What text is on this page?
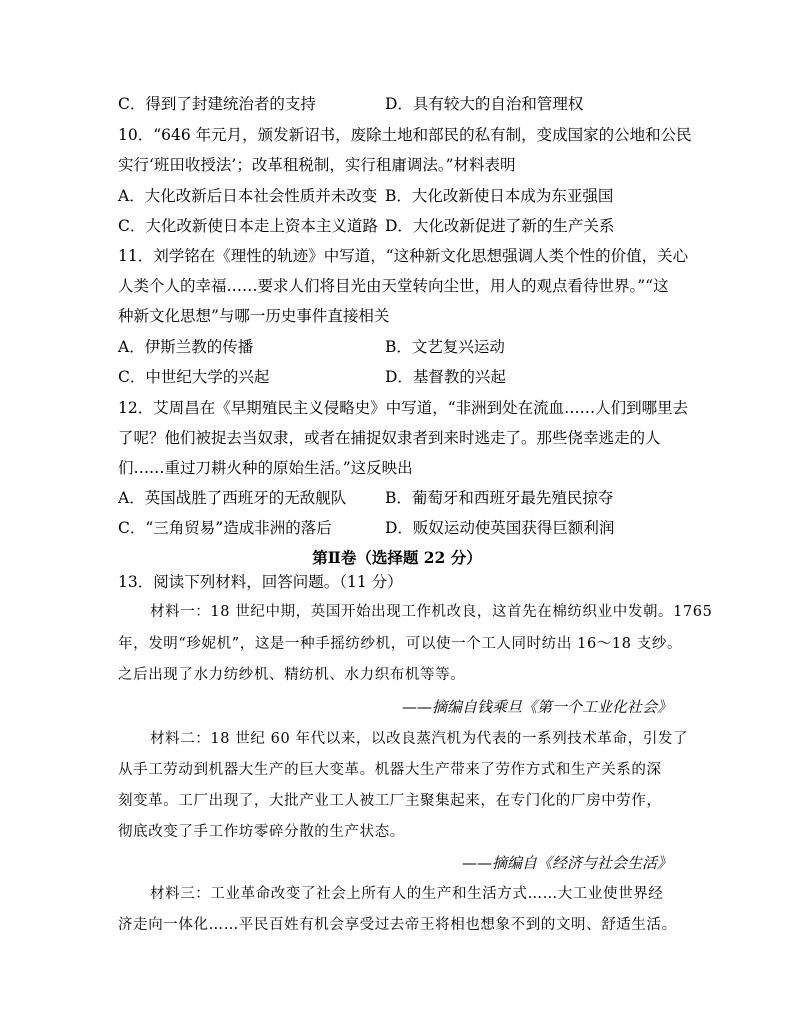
C．得到了封建统治者的支持	D．具有较大的自治和管理权
10．“646 年元月，颁发新诏书，废除土地和部民的私有制，变成国家的公地和公民
实行‘班田收授法’；改革租税制，实行租庸调法。”材料表明
A．大化改新后日本社会性质并未改变 B．大化改新使日本成为东亚强国
C．大化改新使日本走上资本主义道路 D．大化改新促进了新的生产关系
11．刘学铭在《理性的轨迹》中写道，“这种新文化思想强调人类个性的价值，关心
人类个人的幸福……要求人们将目光由天堂转向尘世，用人的观点看待世界。”“这
种新文化思想”与哪一历史事件直接相关
A．伊斯兰教的传播	B．文艺复兴运动
C．中世纪大学的兴起	D．基督教的兴起
12．艾周昌在《早期殖民主义侵略史》中写道，“非洲到处在流血……人们到哪里去
了呢？他们被捉去当奴隶，或者在捕捉奴隶者到来时逃走了。那些侥幸逃走的人
们……重过刀耕火种的原始生活。”这反映出
A．英国战胜了西班牙的无敌舰队	B．葡萄牙和西班牙最先殖民掠夺
C．“三角贸易”造成非洲的落后	D．贩奴运动使英国获得巨额利润
第Ⅱ卷（选择题 22 分）
13．阅读下列材料，回答问题。（11 分）
材料一：18 世纪中期，英国开始出现工作机改良，这首先在棉纺织业中发朝。1765
年，发明“珍妮机”，这是一种手摇纺纱机，可以使一个工人同时纺出 16～18 支纱。
之后出现了水力纺纱机、精纺机、水力织布机等等。
——摘编自钱乘旦《第一个工业化社会》
材料二：18 世纪 60 年代以来，以改良蒸汽机为代表的一系列技术革命，引发了
从手工劳动到机器大生产的巨大变革。机器大生产带来了劳作方式和生产关系的深
刻变革。工厂出现了，大批产业工人被工厂主聚集起来，在专门化的厂房中劳作，
彻底改变了手工作坊零碎分散的生产状态。
——摘编自《经济与社会生活》
材料三：工业革命改变了社会上所有人的生产和生活方式……大工业使世界经
济走向一体化……平民百姓有机会享受过去帝王将相也想象不到的文明、舒适生活。
